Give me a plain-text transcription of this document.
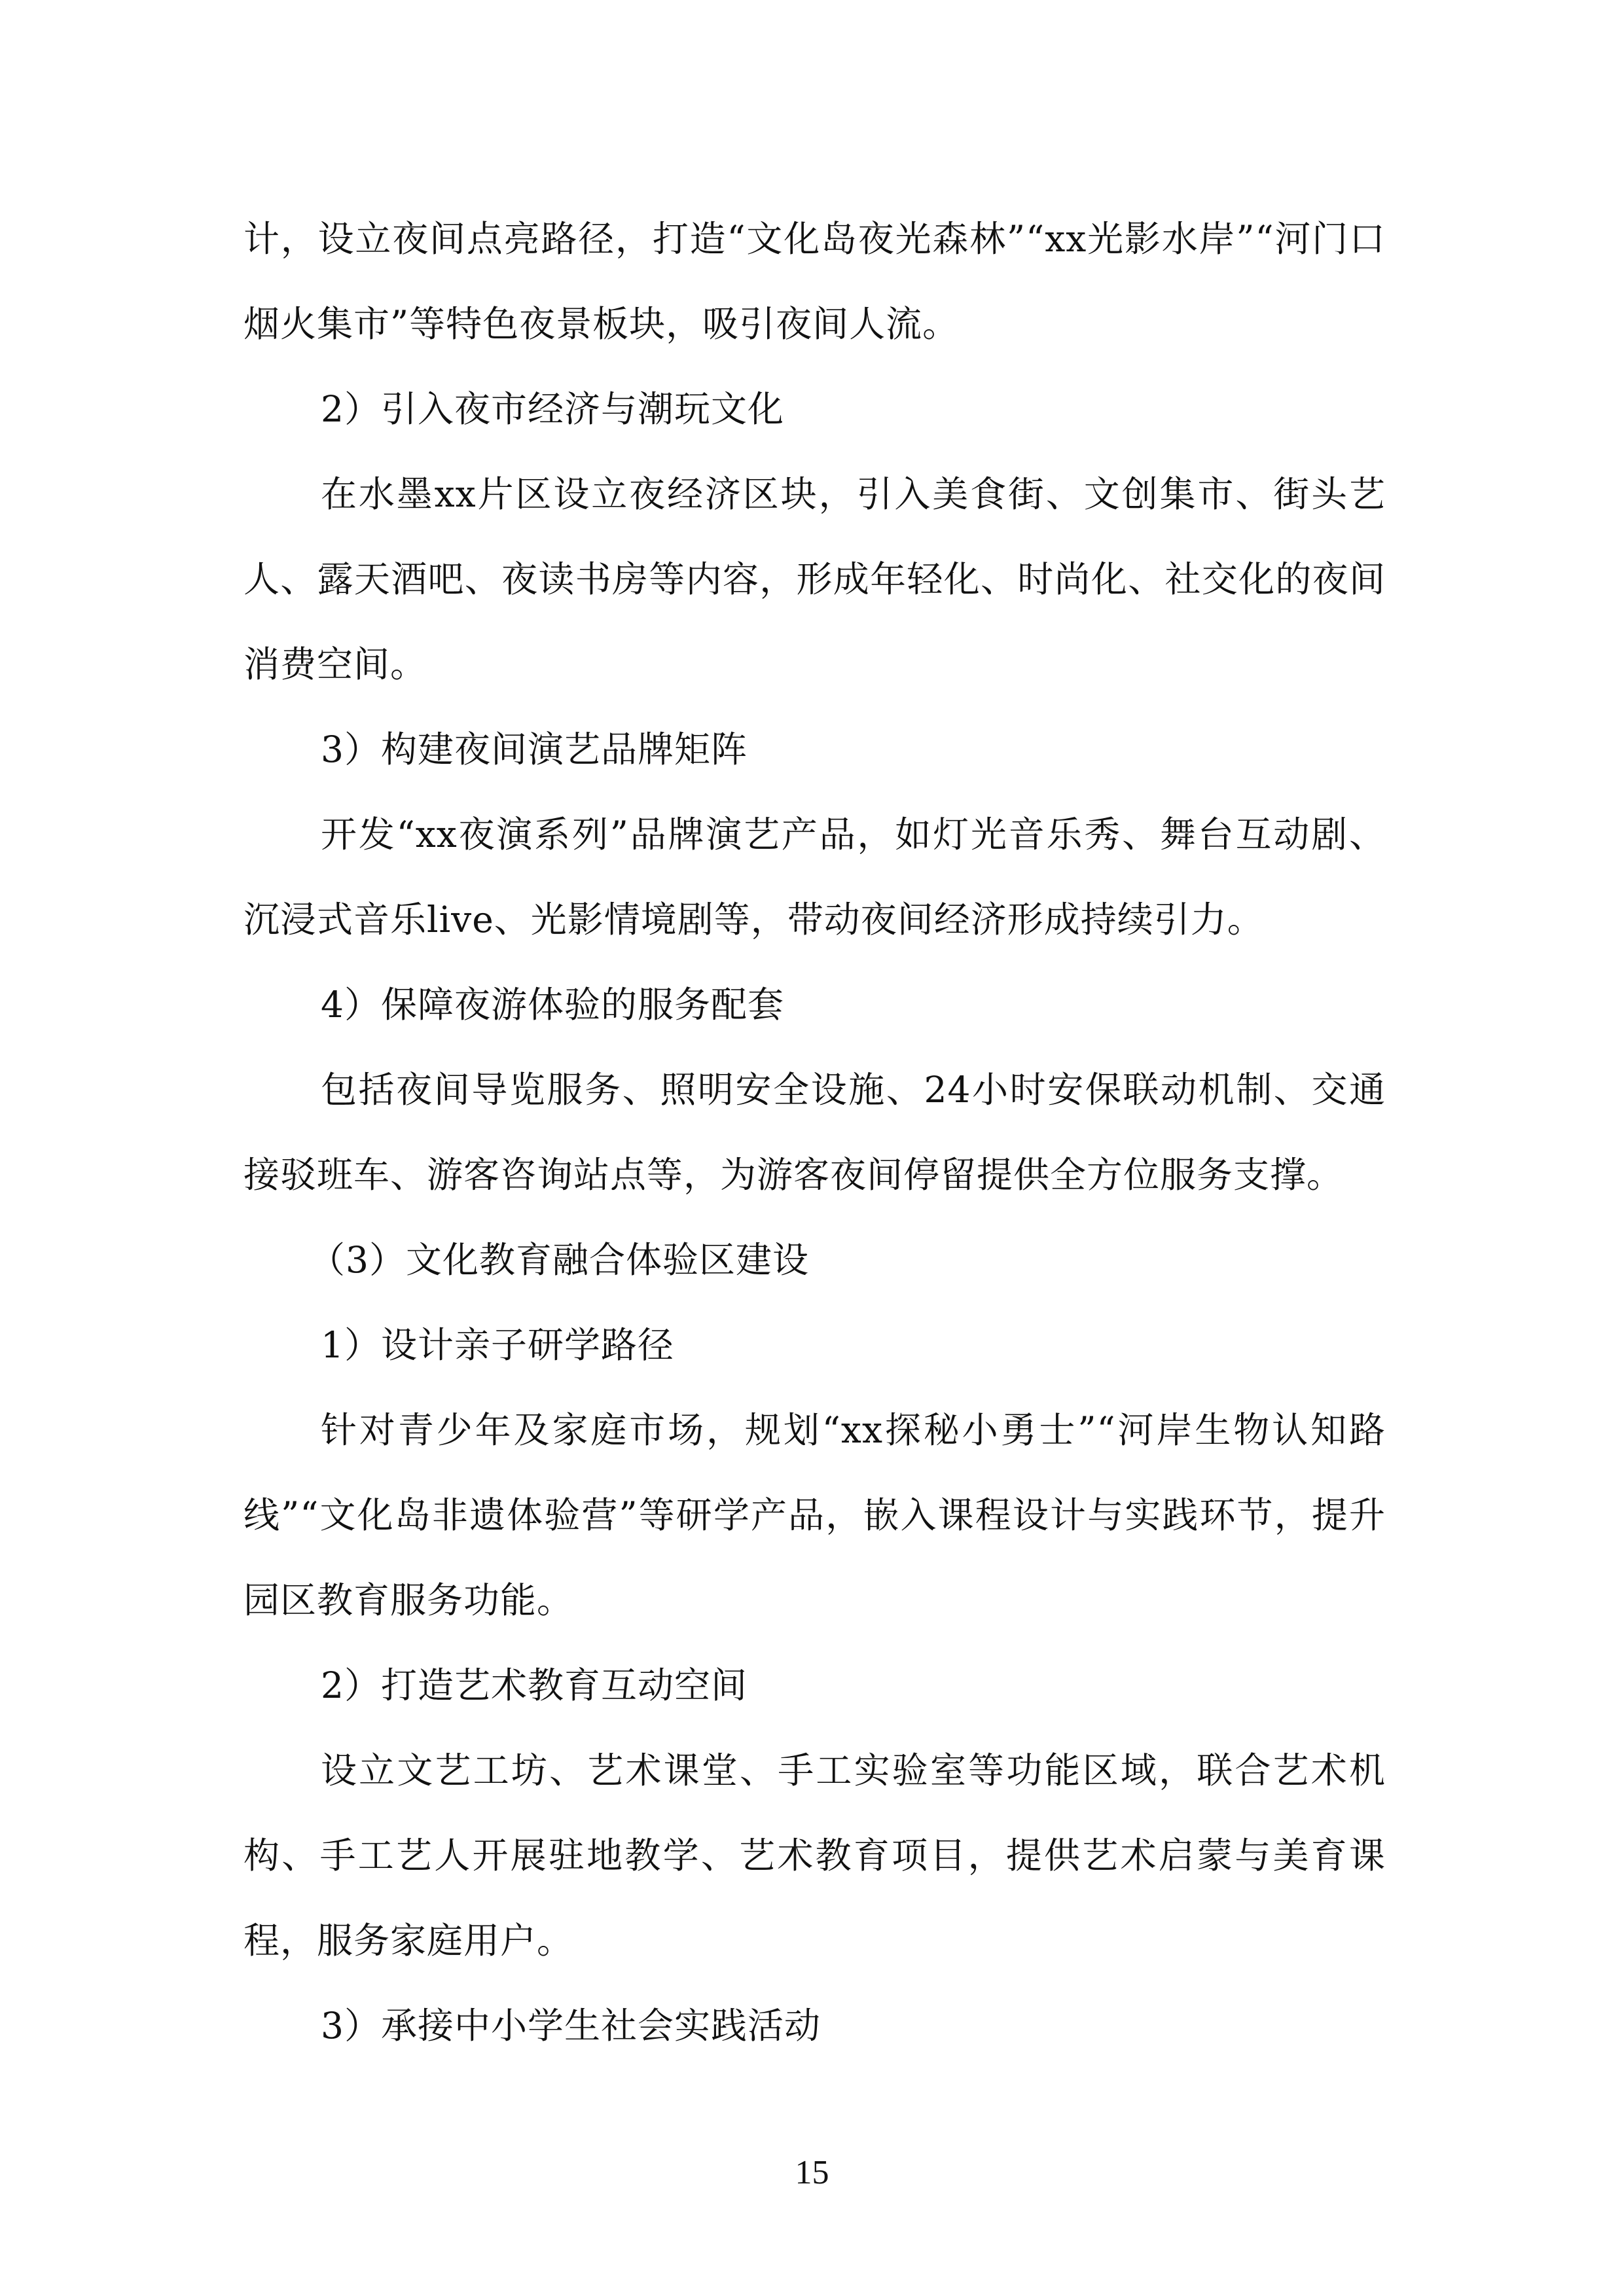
计，设立夜间点亮路径，打造“文化岛夜光森林”“xx光影水岸”“河门口烟火集市”等特色夜景板块，吸引夜间人流。

2）引入夜市经济与潮玩文化

在水墨xx片区设立夜经济区块，引入美食街、文创集市、街头艺人、露天酒吧、夜读书房等内容，形成年轻化、时尚化、社交化的夜间消费空间。

3）构建夜间演艺品牌矩阵

开发“xx夜演系列”品牌演艺产品，如灯光音乐秀、舞台互动剧、沉浸式音乐live、光影情境剧等，带动夜间经济形成持续引力。

4）保障夜游体验的服务配套

包括夜间导览服务、照明安全设施、24小时安保联动机制、交通接驳班车、游客咨询站点等，为游客夜间停留提供全方位服务支撑。

（3）文化教育融合体验区建设

1）设计亲子研学路径

针对青少年及家庭市场，规划“xx探秘小勇士”“河岸生物认知路线”“文化岛非遗体验营”等研学产品，嵌入课程设计与实践环节，提升园区教育服务功能。

2）打造艺术教育互动空间

设立文艺工坊、艺术课堂、手工实验室等功能区域，联合艺术机构、手工艺人开展驻地教学、艺术教育项目，提供艺术启蒙与美育课程，服务家庭用户。

3）承接中小学生社会实践活动

15
